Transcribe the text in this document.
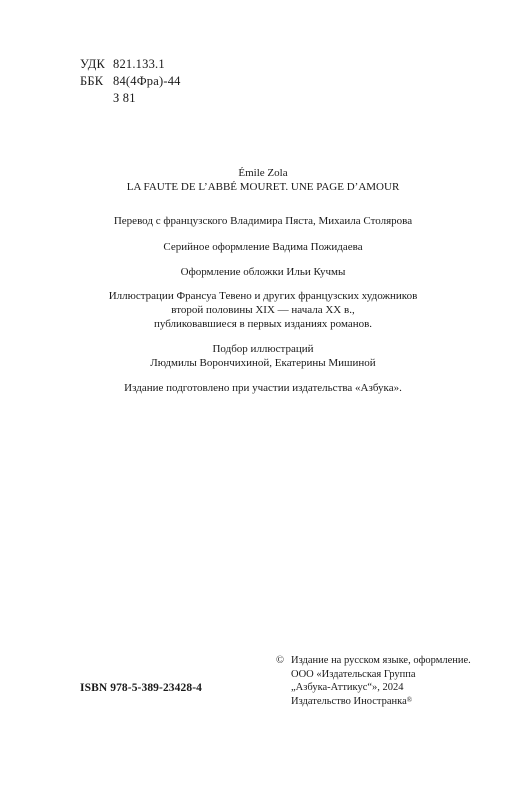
УДК 821.133.1
ББК 84(4Фра)-44
З 81
Émile Zola
LA FAUTE DE L’ABBÉ MOURET. UNE PAGE D’AMOUR
Перевод с французского Владимира Пяста, Михаила Столярова
Серийное оформление Вадима Пожидаева
Оформление обложки Ильи Кучмы
Иллюстрации Франсуа Тевено и других французских художников
второй половины XIX — начала XX в.,
публиковавшиеся в первых изданиях романов.
Подбор иллюстраций
Людмилы Ворончихиной, Екатерины Мишиной
Издание подготовлено при участии издательства «Азбука».
ISBN 978-5-389-23428-4
© Издание на русском языке, оформление.
ООО «Издательская Группа
„Азбука-Аттикус“», 2024
Издательство Иностранка®
